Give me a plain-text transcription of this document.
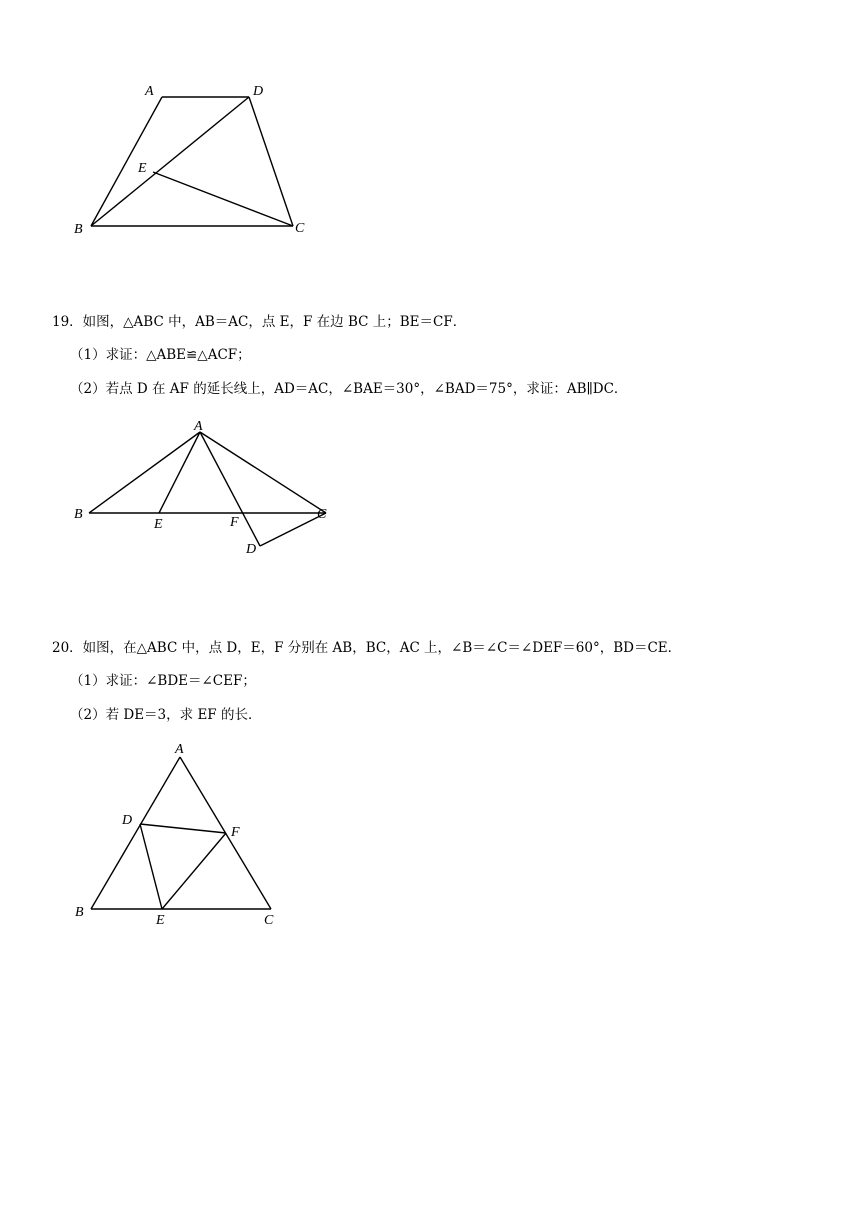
A	D
E
B	C
A
B
E	F
C
D
A
D
F
B
E	C
19．如图，△ABC 中，AB＝AC，点 E，F 在边 BC 上；BE＝CF．
（1）求证：△ABE≌△ACF；
（2）若点 D 在 AF 的延长线上，AD＝AC，∠BAE＝30°，∠BAD＝75°，求证：AB∥DC．
20．如图，在△ABC 中，点 D，E，F 分别在 AB，BC，AC 上，∠B＝∠C＝∠DEF＝60°，BD＝CE．
（1）求证：∠BDE＝∠CEF；
（2）若 DE＝3，求 EF 的长．
